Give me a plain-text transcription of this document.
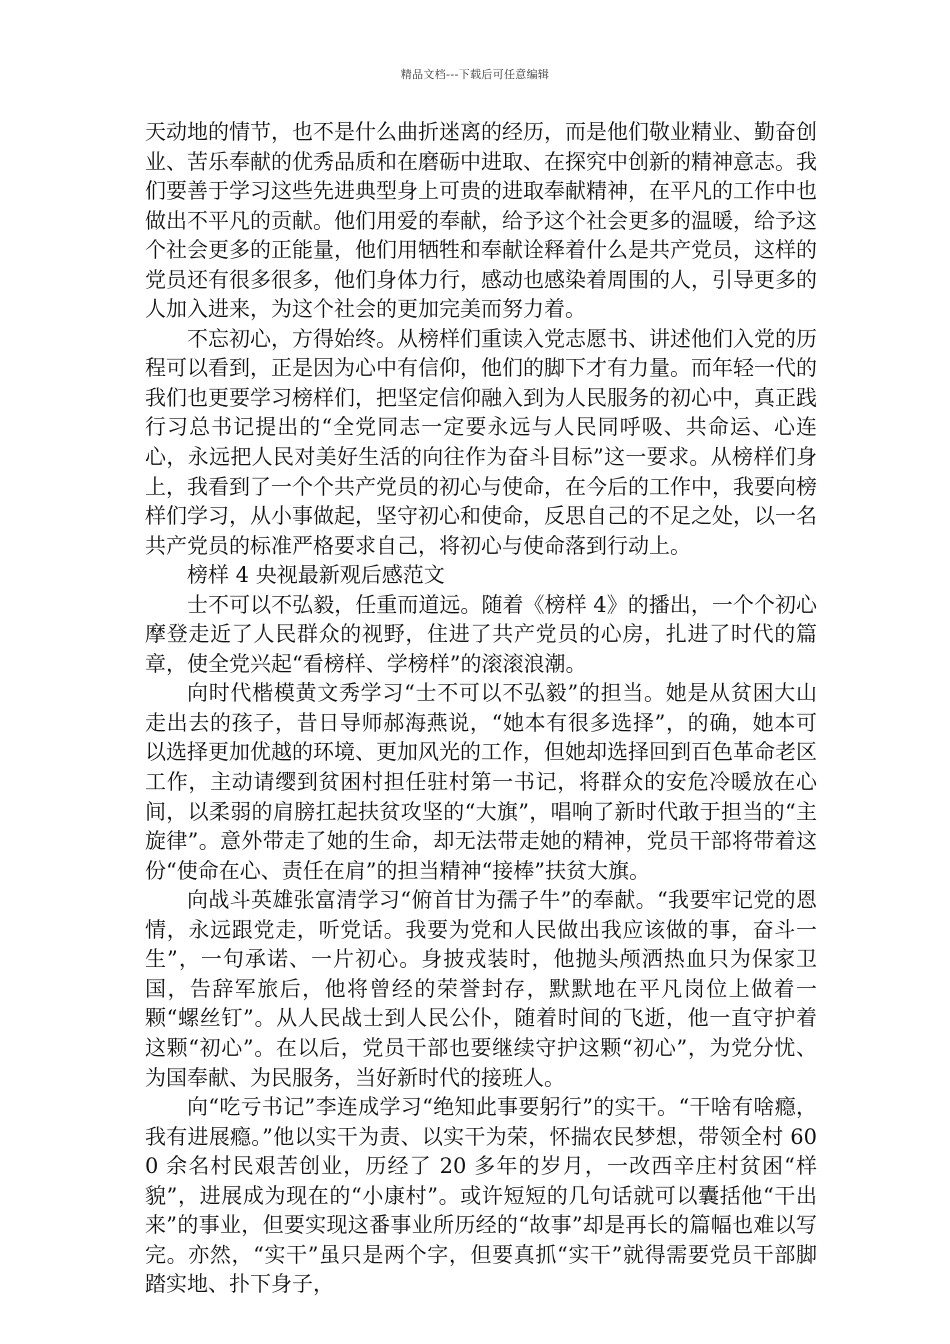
精品文档---下载后可任意编辑

天动地的情节，也不是什么曲折迷离的经历，而是他们敬业精业、勤奋创业、苦乐奉献的优秀品质和在磨砺中进取、在探究中创新的精神意志。我们要善于学习这些先进典型身上可贵的进取奉献精神，在平凡的工作中也做出不平凡的贡献。他们用爱的奉献，给予这个社会更多的温暖，给予这个社会更多的正能量，他们用牺牲和奉献诠释着什么是共产党员，这样的党员还有很多很多，他们身体力行，感动也感染着周围的人，引导更多的人加入进来，为这个社会的更加完美而努力着。

不忘初心，方得始终。从榜样们重读入党志愿书、讲述他们入党的历程可以看到，正是因为心中有信仰，他们的脚下才有力量。而年轻一代的我们也更要学习榜样们，把坚定信仰融入到为人民服务的初心中，真正践行习总书记提出的“全党同志一定要永远与人民同呼吸、共命运、心连心，永远把人民对美好生活的向往作为奋斗目标”这一要求。从榜样们身上，我看到了一个个共产党员的初心与使命，在今后的工作中，我要向榜样们学习，从小事做起，坚守初心和使命，反思自己的不足之处，以一名共产党员的标准严格要求自己，将初心与使命落到行动上。

榜样 4 央视最新观后感范文

士不可以不弘毅，任重而道远。随着《榜样 4》的播出，一个个初心摩登走近了人民群众的视野，住进了共产党员的心房，扎进了时代的篇章，使全党兴起“看榜样、学榜样”的滚滚浪潮。

向时代楷模黄文秀学习“士不可以不弘毅”的担当。她是从贫困大山走出去的孩子，昔日导师郝海燕说，“她本有很多选择”，的确，她本可以选择更加优越的环境、更加风光的工作，但她却选择回到百色革命老区工作，主动请缨到贫困村担任驻村第一书记，将群众的安危冷暖放在心间，以柔弱的肩膀扛起扶贫攻坚的“大旗”，唱响了新时代敢于担当的“主旋律”。意外带走了她的生命，却无法带走她的精神，党员干部将带着这份“使命在心、责任在肩”的担当精神“接棒”扶贫大旗。

向战斗英雄张富清学习“俯首甘为孺子牛”的奉献。“我要牢记党的恩情，永远跟党走，听党话。我要为党和人民做出我应该做的事，奋斗一生”，一句承诺、一片初心。身披戎装时，他抛头颅洒热血只为保家卫国，告辞军旅后，他将曾经的荣誉封存，默默地在平凡岗位上做着一颗“螺丝钉”。从人民战士到人民公仆，随着时间的飞逝，他一直守护着这颗“初心”。在以后，党员干部也要继续守护这颗“初心”，为党分忧、为国奉献、为民服务，当好新时代的接班人。

向“吃亏书记”李连成学习“绝知此事要躬行”的实干。“干啥有啥瘾，我有进展瘾。”他以实干为责、以实干为荣，怀揣农民梦想，带领全村 600 余名村民艰苦创业，历经了 20 多年的岁月，一改西辛庄村贫困“样貌”，进展成为现在的“小康村”。或许短短的几句话就可以囊括他“干出来”的事业，但要实现这番事业所历经的“故事”却是再长的篇幅也难以写完。亦然，“实干”虽只是两个字，但要真抓“实干”就得需要党员干部脚踏实地、扑下身子，
